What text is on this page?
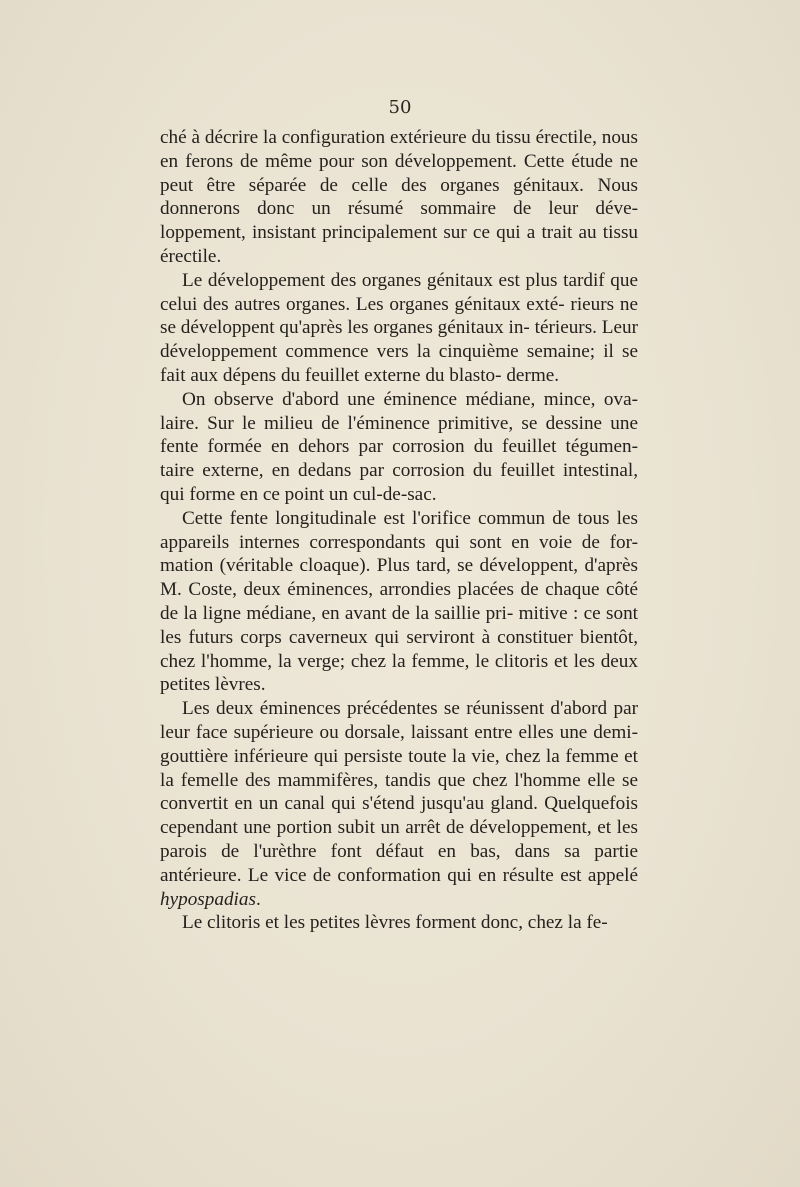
50

ché à décrire la configuration extérieure du tissu érectile, nous en ferons de même pour son développement. Cette étude ne peut être séparée de celle des organes génitaux. Nous donnerons donc un résumé sommaire de leur déve- loppement, insistant principalement sur ce qui a trait au tissu érectile.

Le développement des organes génitaux est plus tardif que celui des autres organes. Les organes génitaux exté- rieurs ne se développent qu'après les organes génitaux in- térieurs. Leur développement commence vers la cinquième semaine; il se fait aux dépens du feuillet externe du blasto- derme.

On observe d'abord une éminence médiane, mince, ova- laire. Sur le milieu de l'éminence primitive, se dessine une fente formée en dehors par corrosion du feuillet tégumen- taire externe, en dedans par corrosion du feuillet intestinal, qui forme en ce point un cul-de-sac.

Cette fente longitudinale est l'orifice commun de tous les appareils internes correspondants qui sont en voie de for- mation (véritable cloaque). Plus tard, se développent, d'après M. Coste, deux éminences, arrondies placées de chaque côté de la ligne médiane, en avant de la saillie pri- mitive : ce sont les futurs corps caverneux qui serviront à constituer bientôt, chez l'homme, la verge; chez la femme, le clitoris et les deux petites lèvres.

Les deux éminences précédentes se réunissent d'abord par leur face supérieure ou dorsale, laissant entre elles une demi-gouttière inférieure qui persiste toute la vie, chez la femme et la femelle des mammifères, tandis que chez l'homme elle se convertit en un canal qui s'étend jusqu'au gland. Quelquefois cependant une portion subit un arrêt de développement, et les parois de l'urèthre font défaut en bas, dans sa partie antérieure. Le vice de conformation qui en résulte est appelé hypospadias.

Le clitoris et les petites lèvres forment donc, chez la fe-
